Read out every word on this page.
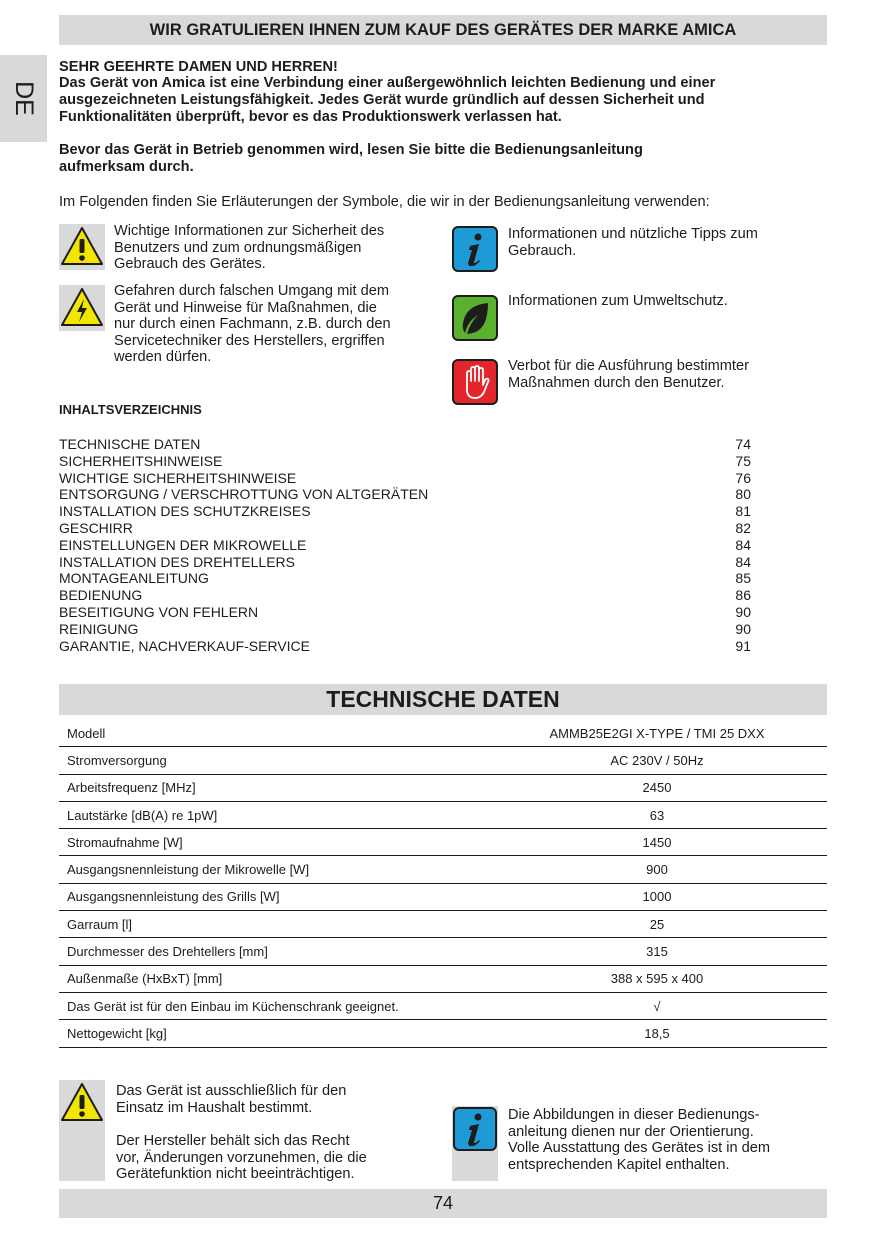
WIR GRATULIEREN IHNEN ZUM KAUF DES GERÄTES DER MARKE AMICA
DE
SEHR GEEHRTE DAMEN UND HERREN!
Das Gerät von Amica ist eine Verbindung einer außergewöhnlich leichten Bedienung und einer
ausgezeichneten Leistungsfähigkeit. Jedes Gerät wurde gründlich auf dessen Sicherheit und
Funktionalitäten überprüft, bevor es das Produktionswerk verlassen hat.
Bevor das Gerät in Betrieb genommen wird, lesen Sie bitte die Bedienungsanleitung
aufmerksam durch.
Im Folgenden finden Sie Erläuterungen der Symbole, die wir in der Bedienungsanleitung verwenden:
Wichtige Informationen zur Sicherheit des
Benutzers und zum ordnungsmäßigen
Gebrauch des Gerätes.
Gefahren durch falschen Umgang mit dem
Gerät und Hinweise für Maßnahmen, die
nur durch einen Fachmann, z.B. durch den
Servicetechniker des Herstellers, ergriffen
werden dürfen.
Informationen und nützliche Tipps zum
Gebrauch.
Informationen zum Umweltschutz.
Verbot für die Ausführung bestimmter
Maßnahmen durch den Benutzer.
INHALTSVERZEICHNIS
TECHNISCHE DATEN	74
SICHERHEITSHINWEISE	75
WICHTIGE SICHERHEITSHINWEISE	76
ENTSORGUNG / VERSCHROTTUNG VON ALTGERÄTEN	80
INSTALLATION DES SCHUTZKREISES	81
GESCHIRR	82
EINSTELLUNGEN DER MIKROWELLE	84
INSTALLATION DES DREHTELLERS	84
MONTAGEANLEITUNG	85
BEDIENUNG	86
BESEITIGUNG VON FEHLERN	90
REINIGUNG	90
GARANTIE, NACHVERKAUF-SERVICE	91
TECHNISCHE DATEN
Modell	AMMB25E2GI X-TYPE / TMI 25 DXX
Stromversorgung	AC 230V / 50Hz
Arbeitsfrequenz [MHz]	2450
Lautstärke [dB(A) re 1pW]	63
Stromaufnahme [W]	1450
Ausgangsnennleistung der Mikrowelle [W]	900
Ausgangsnennleistung des Grills [W]	1000
Garraum [l]	25
Durchmesser des Drehtellers [mm]	315
Außenmaße (HxBxT) [mm]	388 x 595 x 400
Das Gerät ist für den Einbau im Küchenschrank geeignet.	√
Nettogewicht [kg]	18,5
Das Gerät ist ausschließlich für den
Einsatz im Haushalt bestimmt.
Der Hersteller behält sich das Recht
vor, Änderungen vorzunehmen, die die
Gerätefunktion nicht beeinträchtigen.
Die Abbildungen in dieser Bedienungs-
anleitung dienen nur der Orientierung.
Volle Ausstattung des Gerätes ist in dem
entsprechenden Kapitel enthalten.
74
